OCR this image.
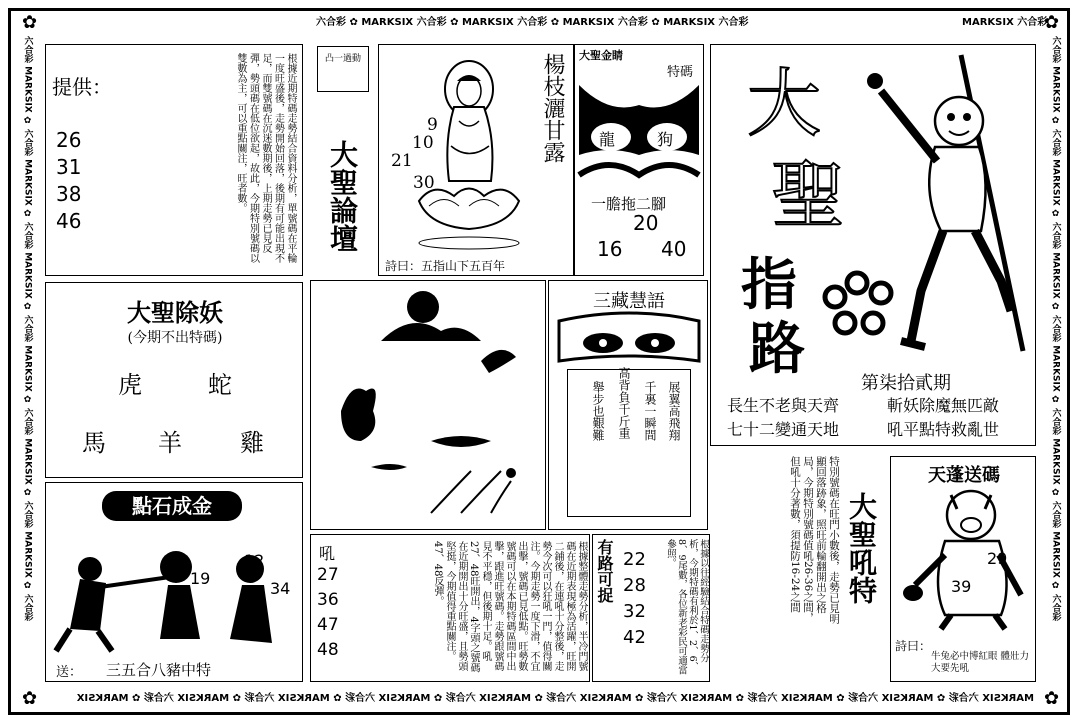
六合彩 ✿ MARKSIX 六合彩 ✿ MARKSIX 六合彩 ✿ MARKSIX 六合彩 ✿ MARKSIX 六合彩	MARKSIX 六合彩
✿	✿
✿	✿
MARKSIX 六合彩 ✿ MARKSIX 六合彩 ✿ MARKSIX 六合彩 ✿ MARKSIX 六合彩 ✿ MARKSIX 六合彩 ✿ MARKSIX 六合彩 ✿ MARKSIX 六合彩 ✿ MARKSIX 六合彩 ✿ MARKSIX 六合彩 ✿ MARKSIX
六合彩 MARKSIX ✿ 六合彩 MARKSIX ✿ 六合彩 MARKSIX ✿ 六合彩 MARKSIX ✿ 六合彩 MARKSIX ✿ 六合彩 MARKSIX ✿ 六合彩
六合彩 MARKSIX ✿ 六合彩 MARKSIX ✿ 六合彩 MARKSIX ✿ 六合彩 MARKSIX ✿ 六合彩 MARKSIX ✿ 六合彩 MARKSIX ✿ 六合彩
提供：
26
31
38
46	根據近期特碼走勢結合資料分析，單號碼在平輪一度旺盛後，走勢開始回落，後期有可能出現不足，而雙號碼在沉迷數期後，上期走勢已見反彈，勢頭碼在低位欲起，故此，今期特別號碼以雙數為主，可以重點關注，旺者數。	凸一過動
大聖論壇
9
10
21
30
楊枝灑甘露
詩曰：五指山下五百年
大聖金睛
特碼
龍	狗
一膽拖二腳
20
16 40
大
聖
指
路
第柒拾貳期
長生不老與天齊	斬妖除魔無匹敵
七十二變通天地	吼平點特救亂世
大聖除妖
(今期不出特碼)
虎	蛇
馬 羊 雞
點石成金
19
12
34
送： 三五合八豬中特
三藏慧語
展翼高飛翔
千裏一瞬間
高背負千斤重
舉步也艱難
吼
27
36
47
48	根據整體走勢分析，半冷門號碼在近期表現極為活躍，旺開二鋪後，在連吼十分整後，走勢今次可以狂吼一門，值得關注。今期走勢一度下滑，不宜出擊，號碼已見低點。旺勢數號碼可以在本期特碼區間中出擊，跟進旺號碼。走勢跟號碼見不平穩，但後期十足。吼27、48旺開出，4字頭之號碼在近期開出十分旺盛，且勢頭堅挺，今期值得重點關注。47、48反彈。	有路可捉 22
28
32
42	根據以往經驗結合特碼走勢分析，今期特碼有利於1、2、6、8、9尾數，各位新老彩民可適當參照。	特別號碼在旺門小數後，走勢已見明顯回落跡象，照旺前輪翻開出之格局，今期特別號碼值吼26-36之間，但吼十分著數，須提防16-24之間	大聖吼特
天蓬送碼
29
39
詩曰：
牛兔必中博紅眼 體壯力大要先吼
